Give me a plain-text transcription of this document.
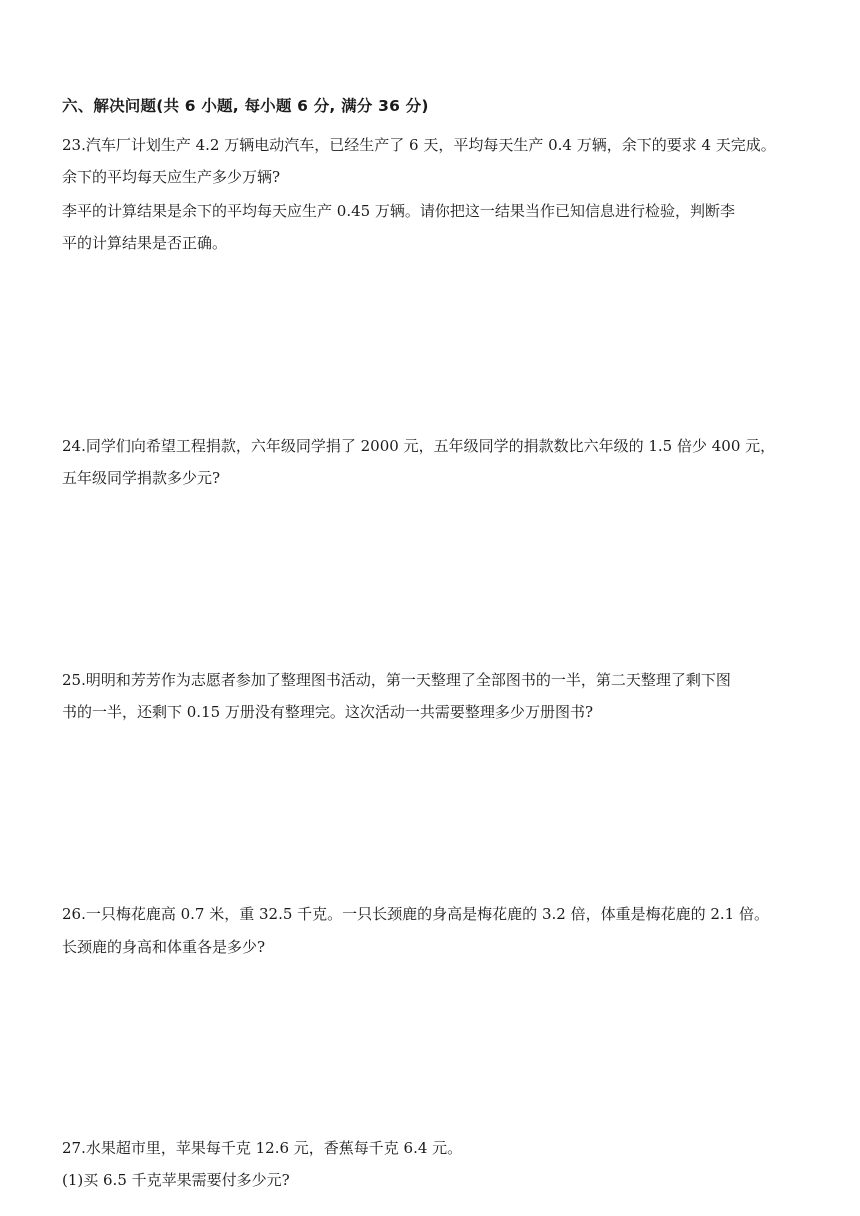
六、解决问题(共 6 小题, 每小题 6 分, 满分 36 分)
23.汽车厂计划生产 4.2 万辆电动汽车，已经生产了 6 天，平均每天生产 0.4 万辆，余下的要求 4 天完成。
余下的平均每天应生产多少万辆?
李平的计算结果是余下的平均每天应生产 0.45 万辆。请你把这一结果当作已知信息进行检验，判断李
平的计算结果是否正确。
24.同学们向希望工程捐款，六年级同学捐了 2000 元，五年级同学的捐款数比六年级的 1.5 倍少 400 元，
五年级同学捐款多少元?
25.明明和芳芳作为志愿者参加了整理图书活动，第一天整理了全部图书的一半，第二天整理了剩下图
书的一半，还剩下 0.15 万册没有整理完。这次活动一共需要整理多少万册图书?
26.一只梅花鹿高 0.7 米，重 32.5 千克。一只长颈鹿的身高是梅花鹿的 3.2 倍，体重是梅花鹿的 2.1 倍。
长颈鹿的身高和体重各是多少?
27.水果超市里，苹果每千克 12.6 元，香蕉每千克 6.4 元。
(1)买 6.5 千克苹果需要付多少元?
